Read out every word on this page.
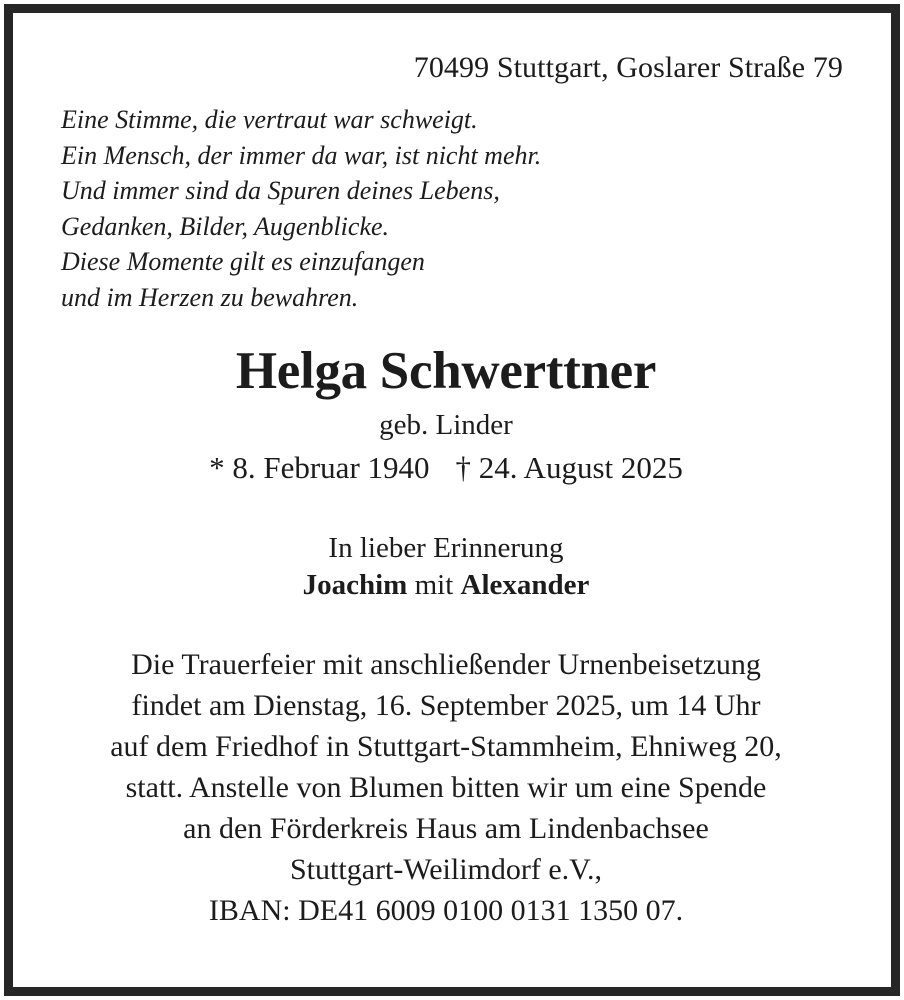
70499 Stuttgart, Goslarer Straße 79
Eine Stimme, die vertraut war schweigt.
Ein Mensch, der immer da war, ist nicht mehr.
Und immer sind da Spuren deines Lebens,
Gedanken, Bilder, Augenblicke.
Diese Momente gilt es einzufangen
und im Herzen zu bewahren.
Helga Schwerttner
geb. Linder
* 8. Februar 1940 † 24. August 2025
In lieber Erinnerung
Joachim mit Alexander
Die Trauerfeier mit anschließender Urnenbeisetzung
findet am Dienstag, 16. September 2025, um 14 Uhr
auf dem Friedhof in Stuttgart-Stammheim, Ehniweg 20,
statt. Anstelle von Blumen bitten wir um eine Spende
an den Förderkreis Haus am Lindenbachsee
Stuttgart-Weilimdorf e.V.,
IBAN: DE41 6009 0100 0131 1350 07.
